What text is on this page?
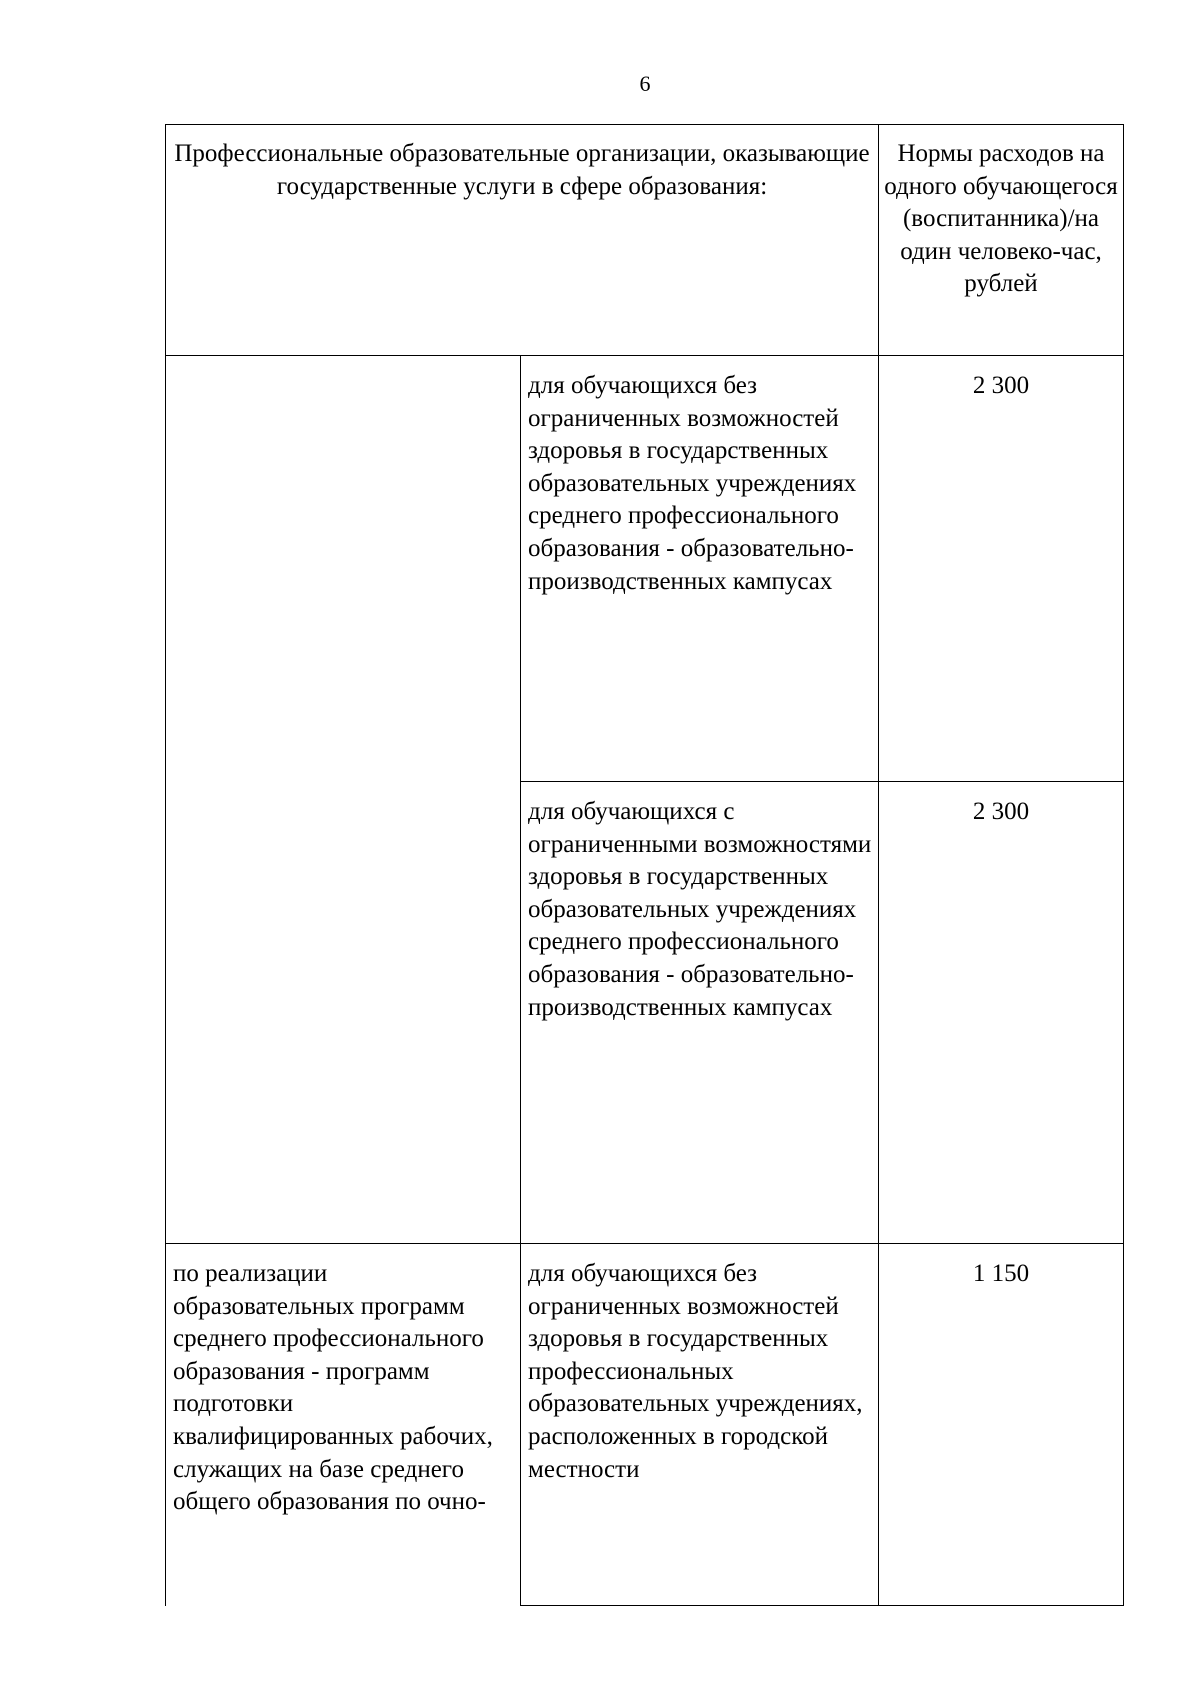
6
Профессиональные образовательные организации, оказывающие государственные услуги в сфере образования:		Нормы расходов на одного обучающегося (воспитанника)/на один человеко-час, рублей

	для обучающихся без ограниченных возможностей здоровья в государственных образовательных учреждениях среднего профессионального образования - образовательно-производственных кампусах	2 300

	для обучающихся с ограниченными возможностями здоровья в государственных образовательных учреждениях среднего профессионального образования - образовательно-производственных кампусах	2 300

по реализации образовательных программ среднего профессионального образования - программ подготовки квалифицированных рабочих, служащих на базе среднего общего образования по очно-	для обучающихся без ограниченных возможностей здоровья в государственных профессиональных образовательных учреждениях, расположенных в городской местности	1 150
